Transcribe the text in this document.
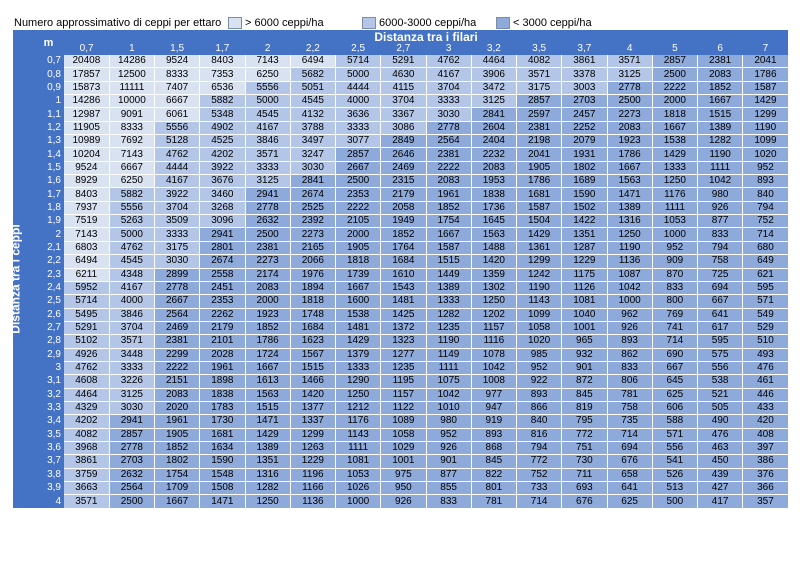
Numero approssimativo di ceppi per ettaro > 6000 ceppi/ha	6000-3000 ceppi/ha	< 3000 ceppi/ha
	m	Distanza tra i filari															
		0,7	1	1,5	1,7	2	2,2	2,5	2,7	3	3,2	3,5	3,7	4	5	6	7
	0,7	20408	14286	9524	8403	7143	6494	5714	5291	4762	4464	4082	3861	3571	2857	2381	2041
	0,8	17857	12500	8333	7353	6250	5682	5000	4630	4167	3906	3571	3378	3125	2500	2083	1786
	0,9	15873	11111	7407	6536	5556	5051	4444	4115	3704	3472	3175	3003	2778	2222	1852	1587
	1	14286	10000	6667	5882	5000	4545	4000	3704	3333	3125	2857	2703	2500	2000	1667	1429
	1,1	12987	9091	6061	5348	4545	4132	3636	3367	3030	2841	2597	2457	2273	1818	1515	1299
	1,2	11905	8333	5556	4902	4167	3788	3333	3086	2778	2604	2381	2252	2083	1667	1389	1190
	1,3	10989	7692	5128	4525	3846	3497	3077	2849	2564	2404	2198	2079	1923	1538	1282	1099
	1,4	10204	7143	4762	4202	3571	3247	2857	2646	2381	2232	2041	1931	1786	1429	1190	1020
	1,5	9524	6667	4444	3922	3333	3030	2667	2469	2222	2083	1905	1802	1667	1333	1111	952
	1,6	8929	6250	4167	3676	3125	2841	2500	2315	2083	1953	1786	1689	1563	1250	1042	893
	1,7	8403	5882	3922	3460	2941	2674	2353	2179	1961	1838	1681	1590	1471	1176	980	840
	1,8	7937	5556	3704	3268	2778	2525	2222	2058	1852	1736	1587	1502	1389	1111	926	794
	1,9	7519	5263	3509	3096	2632	2392	2105	1949	1754	1645	1504	1422	1316	1053	877	752
	2	7143	5000	3333	2941	2500	2273	2000	1852	1667	1563	1429	1351	1250	1000	833	714
	2,1	6803	4762	3175	2801	2381	2165	1905	1764	1587	1488	1361	1287	1190	952	794	680
	2,2	6494	4545	3030	2674	2273	2066	1818	1684	1515	1420	1299	1229	1136	909	758	649
	2,3	6211	4348	2899	2558	2174	1976	1739	1610	1449	1359	1242	1175	1087	870	725	621
	2,4	5952	4167	2778	2451	2083	1894	1667	1543	1389	1302	1190	1126	1042	833	694	595
	2,5	5714	4000	2667	2353	2000	1818	1600	1481	1333	1250	1143	1081	1000	800	667	571
	2,6	5495	3846	2564	2262	1923	1748	1538	1425	1282	1202	1099	1040	962	769	641	549
	2,7	5291	3704	2469	2179	1852	1684	1481	1372	1235	1157	1058	1001	926	741	617	529
	2,8	5102	3571	2381	2101	1786	1623	1429	1323	1190	1116	1020	965	893	714	595	510
	2,9	4926	3448	2299	2028	1724	1567	1379	1277	1149	1078	985	932	862	690	575	493
	3	4762	3333	2222	1961	1667	1515	1333	1235	1111	1042	952	901	833	667	556	476
	3,1	4608	3226	2151	1898	1613	1466	1290	1195	1075	1008	922	872	806	645	538	461
	3,2	4464	3125	2083	1838	1563	1420	1250	1157	1042	977	893	845	781	625	521	446
	3,3	4329	3030	2020	1783	1515	1377	1212	1122	1010	947	866	819	758	606	505	433
	3,4	4202	2941	1961	1730	1471	1337	1176	1089	980	919	840	795	735	588	490	420
	3,5	4082	2857	1905	1681	1429	1299	1143	1058	952	893	816	772	714	571	476	408
	3,6	3968	2778	1852	1634	1389	1263	1111	1029	926	868	794	751	694	556	463	397
	3,7	3861	2703	1802	1590	1351	1229	1081	1001	901	845	772	730	676	541	450	386
	3,8	3759	2632	1754	1548	1316	1196	1053	975	877	822	752	711	658	526	439	376
	3,9	3663	2564	1709	1508	1282	1166	1026	950	855	801	733	693	641	513	427	366
	4	3571	2500	1667	1471	1250	1136	1000	926	833	781	714	676	625	500	417	357
Distanza tra i ceppi
